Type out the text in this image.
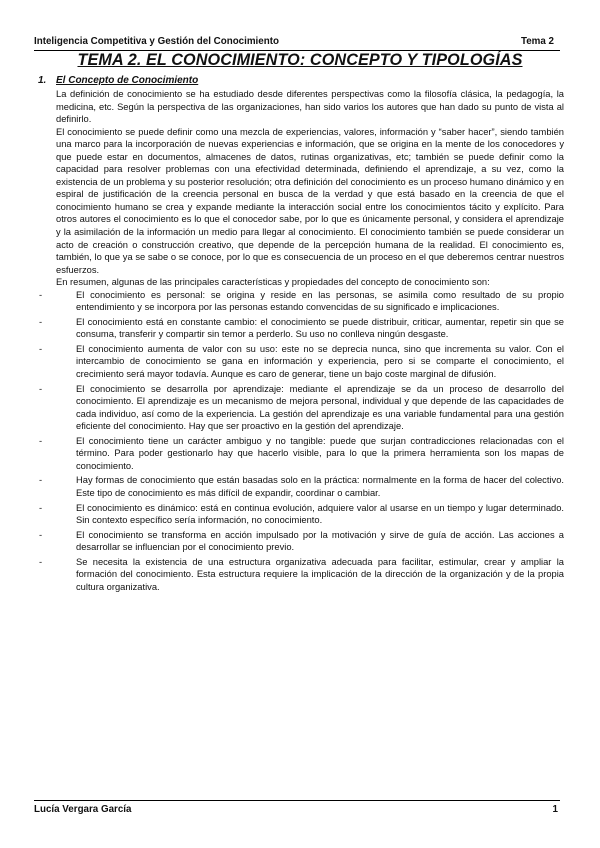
Inteligencia Competitiva y Gestión del Conocimiento	Tema 2
TEMA 2. EL CONOCIMIENTO: CONCEPTO Y TIPOLOGÍAS
1. El Concepto de Conocimiento

La definición de conocimiento se ha estudiado desde diferentes perspectivas como la filosofía clásica, la pedagogía, la medicina, etc. Según la perspectiva de las organizaciones, han sido varios los autores que han dado su punto de vista al definirlo.

El conocimiento se puede definir como una mezcla de experiencias, valores, información y “saber hacer”, siendo también una marco para la incorporación de nuevas experiencias e información, que se origina en la mente de los conocedores y que puede estar en documentos, almacenes de datos, rutinas organizativas, etc; también se puede definir como la capacidad para resolver problemas con una efectividad determinada, definiendo el aprendizaje, a su vez, como la existencia de un problema y su posterior resolución; otra definición del conocimiento es un proceso humano dinámico y en espiral de justificación de la creencia personal en busca de la verdad y que está basado en la creencia de que el conocimiento humano se crea y expande mediante la interacción social entre los conocimientos tácito y explícito. Para otros autores el conocimiento es lo que el conocedor sabe, por lo que es únicamente personal, y considera el aprendizaje y la asimilación de la información un medio para llegar al conocimiento. El conocimiento también se puede considerar un acto de creación o construcción creativo, que depende de la percepción humana de la realidad. El conocimiento es, también, lo que ya se sabe o se conoce, por lo que es consecuencia de un proceso en el que deberemos centrar nuestros esfuerzos.

En resumen, algunas de las principales características y propiedades del concepto de conocimiento son:

-	El conocimiento es personal: se origina y reside en las personas, se asimila como resultado de su propio entendimiento y se incorpora por las personas estando convencidas de su significado e implicaciones.
-	El conocimiento está en constante cambio: el conocimiento se puede distribuir, criticar, aumentar, repetir sin que se consuma, transferir y compartir sin temor a perderlo. Su uso no conlleva ningún desgaste.
-	El conocimiento aumenta de valor con su uso: este no se deprecia nunca, sino que incrementa su valor. Con el intercambio de conocimiento se gana en información y experiencia, pero si se comparte el conocimiento, el crecimiento será mayor todavía. Aunque es caro de generar, tiene un bajo coste marginal de difusión.
-	El conocimiento se desarrolla por aprendizaje: mediante el aprendizaje se da un proceso de desarrollo del conocimiento. El aprendizaje es un mecanismo de mejora personal, individual y que depende de las capacidades de cada individuo, así como de la experiencia. La gestión del aprendizaje es una variable fundamental para una gestión eficiente del conocimiento. Hay que ser proactivo en la gestión del aprendizaje.
-	El conocimiento tiene un carácter ambiguo y no tangible: puede que surjan contradicciones relacionadas con el término. Para poder gestionarlo hay que hacerlo visible, para lo que la primera herramienta son los mapas de conocimiento.
-	Hay formas de conocimiento que están basadas solo en la práctica: normalmente en la forma de hacer del colectivo. Este tipo de conocimiento es más difícil de expandir, coordinar o cambiar.
-	El conocimiento es dinámico: está en continua evolución, adquiere valor al usarse en un tiempo y lugar determinado. Sin contexto específico sería información, no conocimiento.
-	El conocimiento se transforma en acción impulsado por la motivación y sirve de guía de acción. Las acciones a desarrollar se influencian por el conocimiento previo.
-	Se necesita la existencia de una estructura organizativa adecuada para facilitar, estimular, crear y ampliar la formación del conocimiento. Esta estructura requiere la implicación de la dirección de la organización y de la propia cultura organizativa.
Lucía Vergara García	1
